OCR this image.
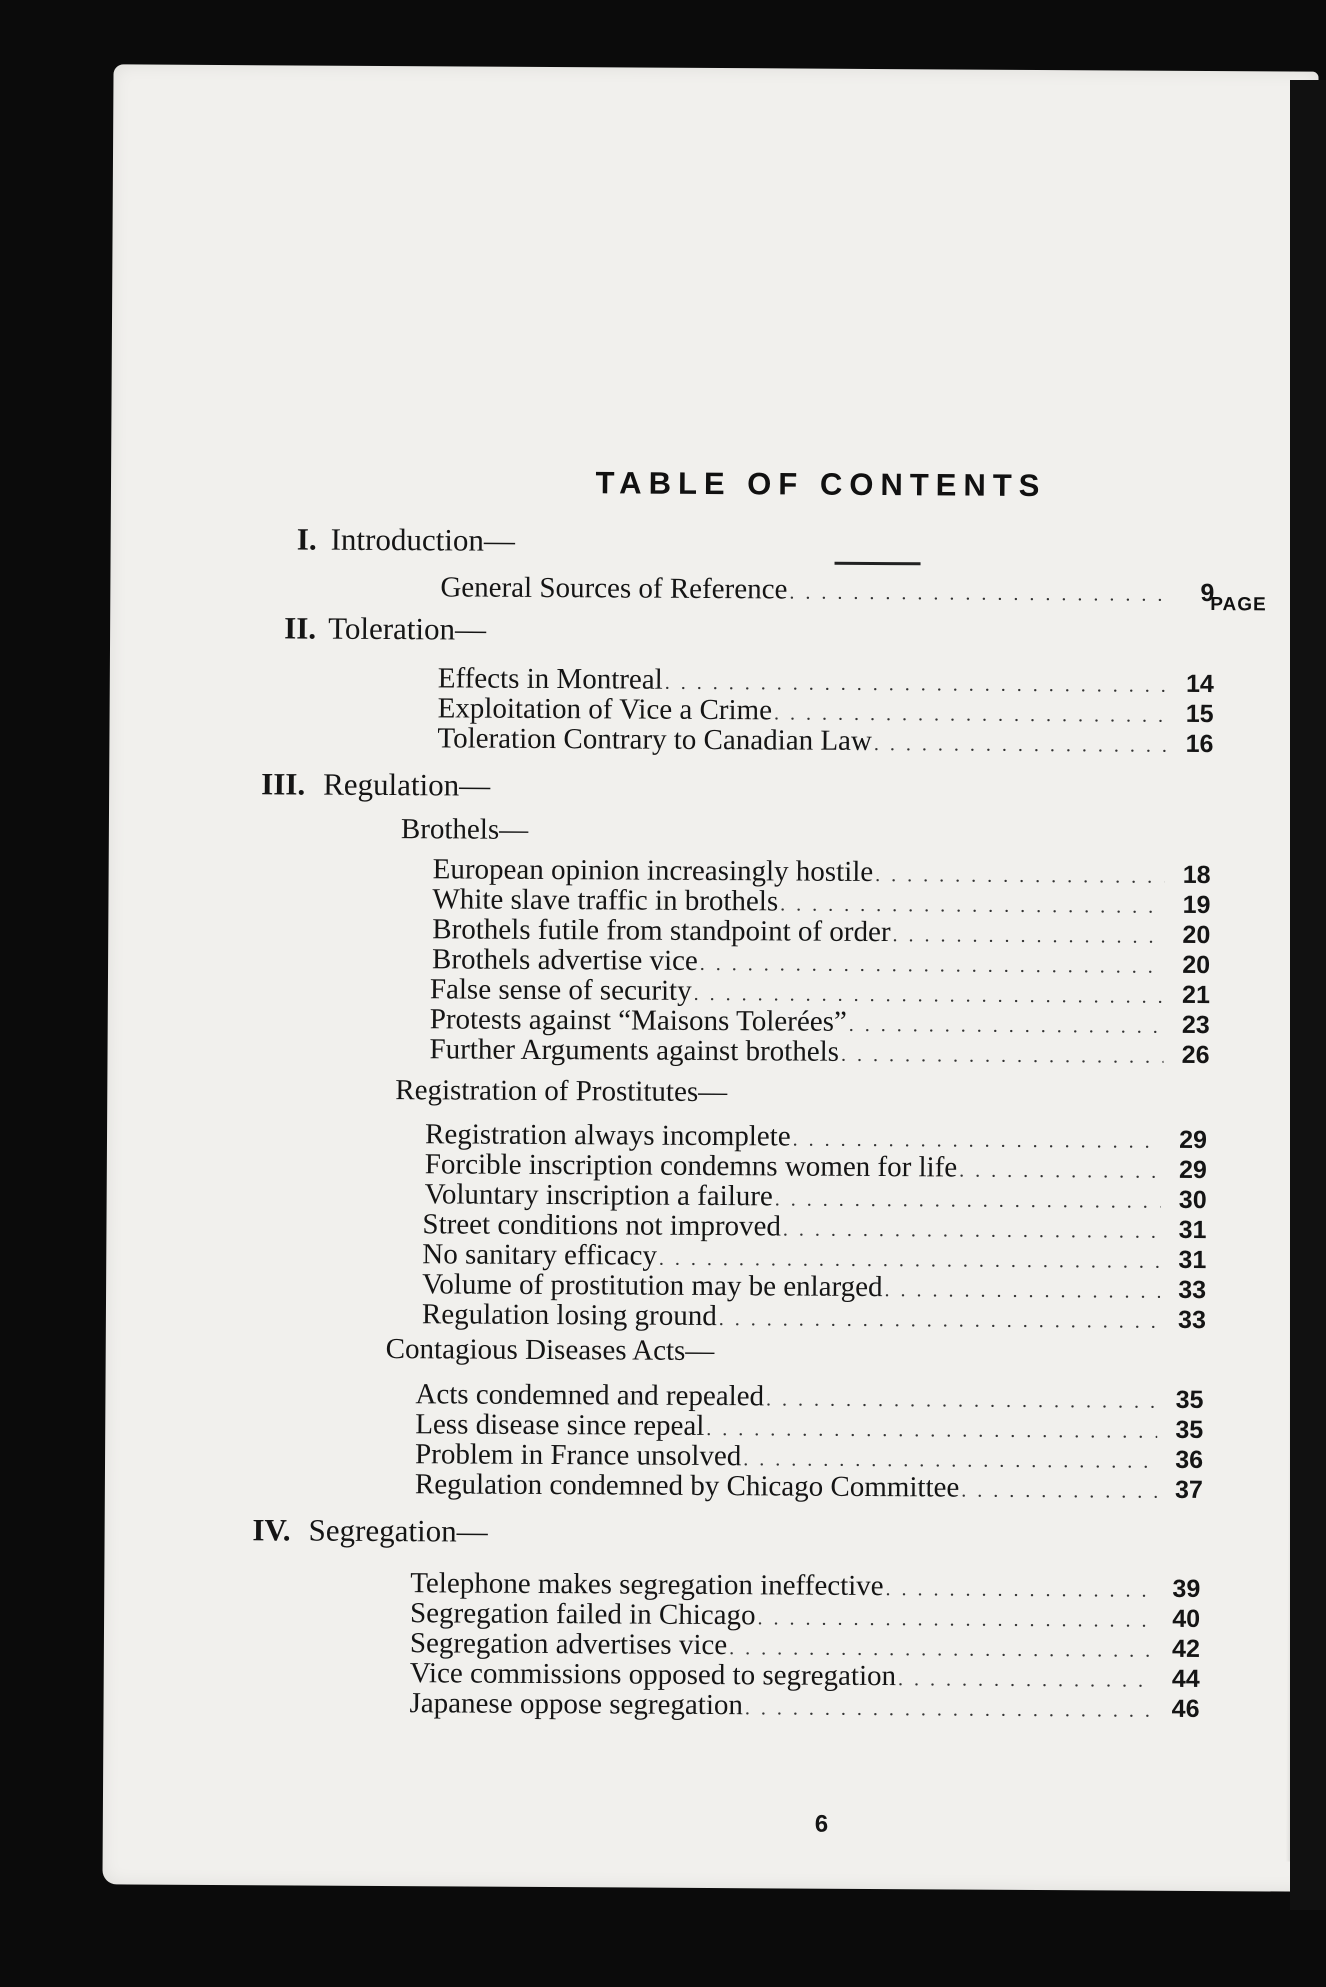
TABLE OF CONTENTS
PAGE
I. Introduction—
General Sources of Reference . . .	9
II. Toleration—
Effects in Montreal . . .	14
Exploitation of Vice a Crime . . .	15
Toleration Contrary to Canadian Law . . .	16
III. Regulation—
Brothels—
European opinion increasingly hostile . . .	18
White slave traffic in brothels . . .	19
Brothels futile from standpoint of order . . .	20
Brothels advertise vice . . .	20
False sense of security . . .	21
Protests against “Maisons Tolerées” . . .	23
Further Arguments against brothels . . .	26
Registration of Prostitutes—
Registration always incomplete . . .	29
Forcible inscription condemns women for life . . .	29
Voluntary inscription a failure . . .	30
Street conditions not improved . . .	31
No sanitary efficacy . . .	31
Volume of prostitution may be enlarged . . .	33
Regulation losing ground . . .	33
Contagious Diseases Acts—
Acts condemned and repealed . . .	35
Less disease since repeal . . .	35
Problem in France unsolved . . .	36
Regulation condemned by Chicago Committee . . .	37
IV. Segregation—
Telephone makes segregation ineffective . . .	39
Segregation failed in Chicago . . .	40
Segregation advertises vice . . .	42
Vice commissions opposed to segregation . . .	44
Japanese oppose segregation . . .	46
6
